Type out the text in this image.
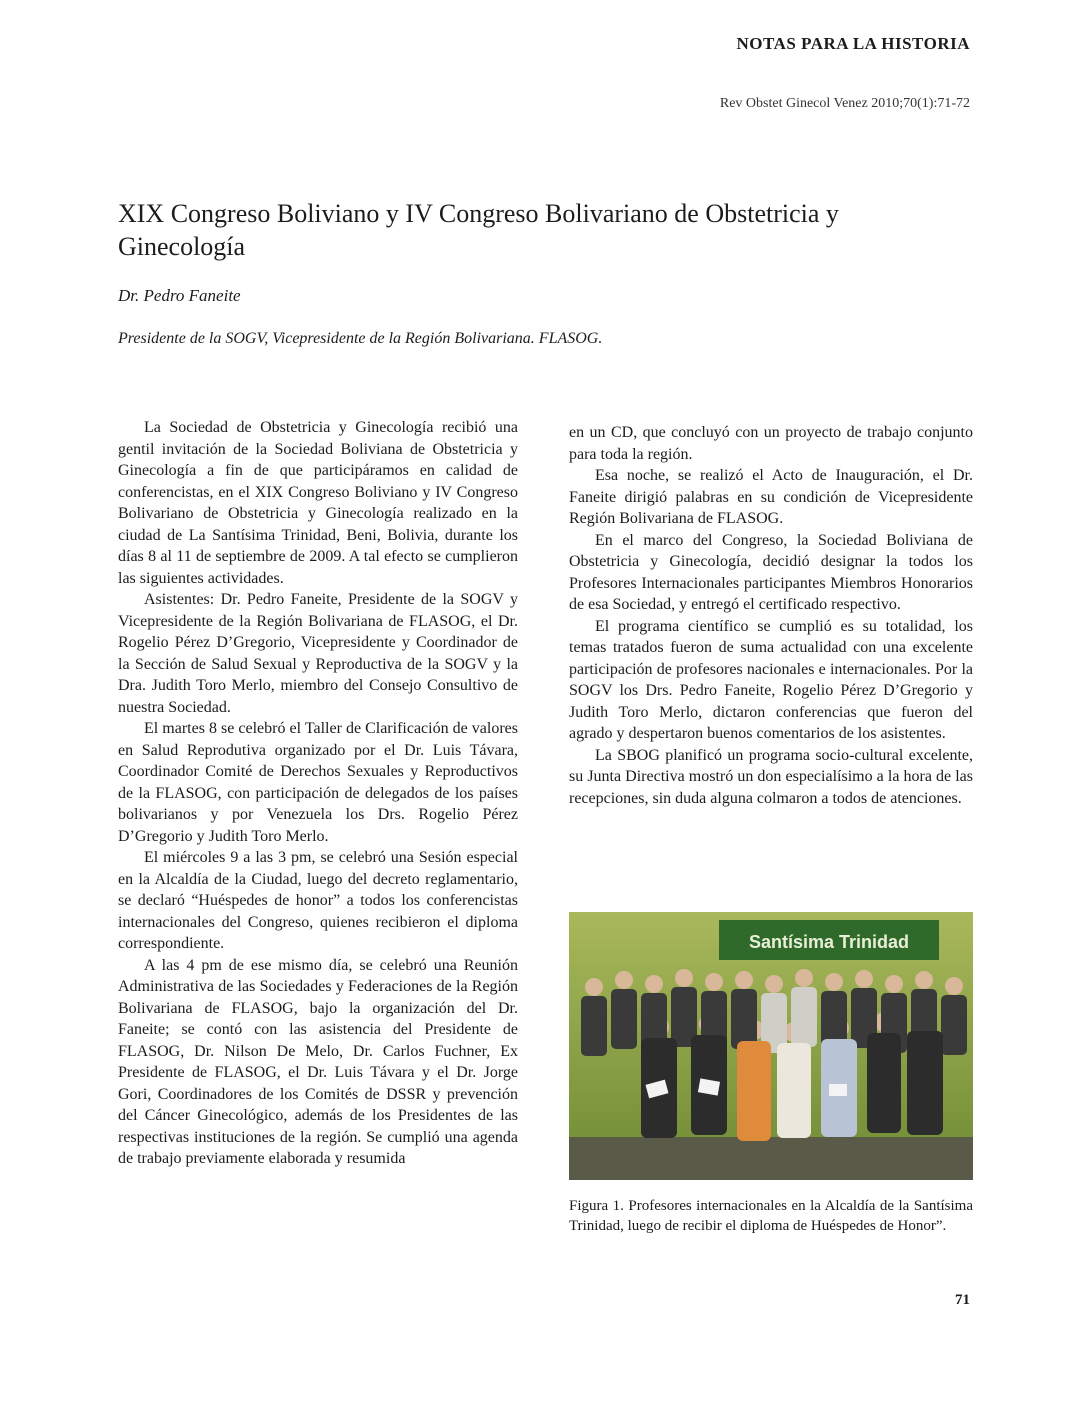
NOTAS PARA LA HISTORIA
Rev Obstet Ginecol Venez 2010;70(1):71-72
XIX Congreso Boliviano y IV Congreso Bolivariano de Obstetricia y Ginecología
Dr. Pedro Faneite
Presidente de la SOGV, Vicepresidente de la Región Bolivariana. FLASOG.

La Sociedad de Obstetricia y Ginecología recibió una gentil invitación de la Sociedad Boliviana de Obstetricia y Ginecología a fin de que participáramos en calidad de conferencistas, en el XIX Congreso Boliviano y IV Congreso Bolivariano de Obstetricia y Ginecología realizado en la ciudad de La Santísima Trinidad, Beni, Bolivia, durante los días 8 al 11 de septiembre de 2009. A tal efecto se cumplieron las siguientes actividades.

Asistentes: Dr. Pedro Faneite, Presidente de la SOGV y Vicepresidente de la Región Bolivariana de FLASOG, el Dr. Rogelio Pérez D’Gregorio, Vicepresidente y Coordinador de la Sección de Salud Sexual y Reproductiva de la SOGV y la Dra. Judith Toro Merlo, miembro del Consejo Consultivo de nuestra Sociedad.

El martes 8 se celebró el Taller de Clarificación de valores en Salud Reprodutiva organizado por el Dr. Luis Távara, Coordinador Comité de Derechos Sexuales y Reproductivos de la FLASOG, con participación de delegados de los países bolivarianos y por Venezuela los Drs. Rogelio Pérez D’Gregorio y Judith Toro Merlo.

El miércoles 9 a las 3 pm, se celebró una Sesión especial en la Alcaldía de la Ciudad, luego del decreto reglamentario, se declaró “Huéspedes de honor” a todos los conferencistas internacionales del Congreso, quienes recibieron el diploma correspondiente.

A las 4 pm de ese mismo día, se celebró una Reunión Administrativa de las Sociedades y Federaciones de la Región Bolivariana de FLASOG, bajo la organización del Dr. Faneite; se contó con las asistencia del Presidente de FLASOG, Dr. Nilson De Melo, Dr. Carlos Fuchner, Ex Presidente de FLASOG, el Dr. Luis Távara y el Dr. Jorge Gori, Coordinadores de los Comités de DSSR y prevención del Cáncer Ginecológico, además de los Presidentes de las respectivas instituciones de la región. Se cumplió una agenda de trabajo previamente elaborada y resumida

en un CD, que concluyó con un proyecto de trabajo conjunto para toda la región.

Esa noche, se realizó el Acto de Inauguración, el Dr. Faneite dirigió palabras en su condición de Vicepresidente Región Bolivariana de FLASOG.

En el marco del Congreso, la Sociedad Boliviana de Obstetricia y Ginecología, decidió designar la todos los Profesores Internacionales participantes Miembros Honorarios de esa Sociedad, y entregó el certificado respectivo.

El programa científico se cumplió es su totalidad, los temas tratados fueron de suma actualidad con una excelente participación de profesores nacionales e internacionales. Por la SOGV los Drs. Pedro Faneite, Rogelio Pérez D’Gregorio y Judith Toro Merlo, dictaron conferencias que fueron del agrado y despertaron buenos comentarios de los asistentes.

La SBOG planificó un programa socio-cultural excelente, su Junta Directiva mostró un don especialísimo a la hora de las recepciones, sin duda alguna colmaron a todos de atenciones.

Santísima Trinidad
Figura 1. Profesores internacionales en la Alcaldía de la Santísima Trinidad, luego de recibir el diploma de Huéspedes de Honor”.
71
